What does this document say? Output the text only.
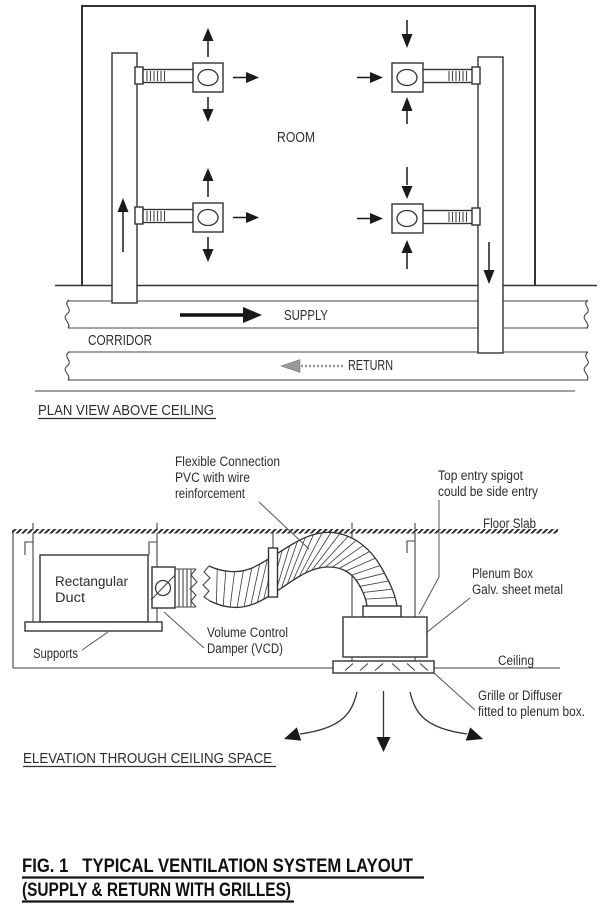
ROOM
SUPPLY
CORRIDOR
RETURN
PLAN VIEW ABOVE CEILING
Flexible Connection
PVC with wire
reinforcement
Top entry spigot
could be side entry
Floor Slab
Rectangular
Duct
Supports
Volume Control
Damper (VCD)
Plenum Box
Galv. sheet metal
Ceiling
Grille or Diffuser
fitted to plenum box.
ELEVATION THROUGH CEILING SPACE
FIG. 1   TYPICAL VENTILATION SYSTEM LAYOUT
(SUPPLY & RETURN WITH GRILLES)
